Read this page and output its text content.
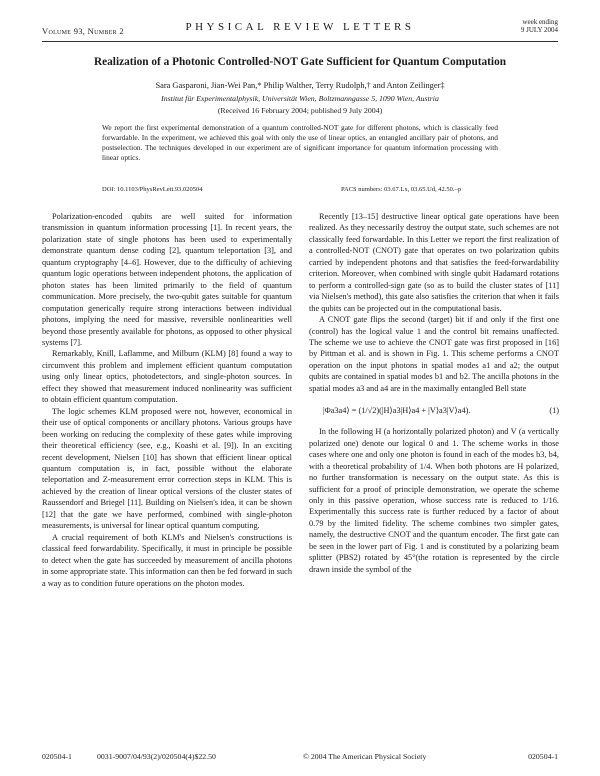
Volume 93, Number 2	PHYSICAL REVIEW LETTERS	week ending
9 JULY 2004
Realization of a Photonic Controlled-NOT Gate Sufficient for Quantum Computation
Sara Gasparoni, Jian-Wei Pan,* Philip Walther, Terry Rudolph,† and Anton Zeilinger‡
Institut für Experimentalphysik, Universität Wien, Boltzmanngasse 5, 1090 Wien, Austria
(Received 16 February 2004; published 9 July 2004)
We report the first experimental demonstration of a quantum controlled-NOT gate for different photons, which is classically feed forwardable. In the experiment, we achieved this goal with only the use of linear optics, an entangled ancillary pair of photons, and postselection. The techniques developed in our experiment are of significant importance for quantum information processing with linear optics.
DOI: 10.1103/PhysRevLett.93.020504	PACS numbers: 03.67.Lx, 03.65.Ud, 42.50.–p

Polarization-encoded qubits are well suited for information transmission in quantum information processing [1]. In recent years, the polarization state of single photons has been used to experimentally demonstrate quantum dense coding [2], quantum teleportation [3], and quantum cryptography [4–6]. However, due to the difficulty of achieving quantum logic operations between independent photons, the application of photon states has been limited primarily to the field of quantum communication. More precisely, the two-qubit gates suitable for quantum computation generically require strong interactions between individual photons, implying the need for massive, reversible nonlinearities well beyond those presently available for photons, as opposed to other physical systems [7].

Remarkably, Knill, Laflamme, and Milburn (KLM) [8] found a way to circumvent this problem and implement efficient quantum computation using only linear optics, photodetectors, and single-photon sources. In effect they showed that measurement induced nonlinearity was sufficient to obtain efficient quantum computation.

The logic schemes KLM proposed were not, however, economical in their use of optical components or ancillary photons. Various groups have been working on reducing the complexity of these gates while improving their theoretical efficiency (see, e.g., Koashi et al. [9]). In an exciting recent development, Nielsen [10] has shown that efficient linear optical quantum computation is, in fact, possible without the elaborate teleportation and Z-measurement error correction steps in KLM. This is achieved by the creation of linear optical versions of the cluster states of Raussendorf and Briegel [11]. Building on Nielsen's idea, it can be shown [12] that the gate we have performed, combined with single-photon measurements, is universal for linear optical quantum computing.

A crucial requirement of both KLM's and Nielsen's constructions is classical feed forwardability. Specifically, it must in principle be possible to detect when the gate has succeeded by measurement of ancilla photons in some appropriate state. This information can then be fed forward in such a way as to condition future operations on the photon modes.

Recently [13–15] destructive linear optical gate operations have been realized. As they necessarily destroy the output state, such schemes are not classically feed forwardable. In this Letter we report the first realization of a controlled-NOT (CNOT) gate that operates on two polarization qubits carried by independent photons and that satisfies the feed-forwardability criterion. Moreover, when combined with single qubit Hadamard rotations to perform a controlled-sign gate (so as to build the cluster states of [11] via Nielsen's method), this gate also satisfies the criterion that when it fails the qubits can be projected out in the computational basis.

A CNOT gate flips the second (target) bit if and only if the first one (control) has the logical value 1 and the control bit remains unaffected. The scheme we use to achieve the CNOT gate was first proposed in [16] by Pittman et al. and is shown in Fig. 1. This scheme performs a CNOT operation on the input photons in spatial modes a1 and a2; the output qubits are contained in spatial modes b1 and b2. The ancilla photons in the spatial modes a3 and a4 are in the maximally entangled Bell state

|Φa3a4⟩ = (1/√2)(|H⟩a3|H⟩a4 + |V⟩a3|V⟩a4).	(1)

In the following H (a horizontally polarized photon) and V (a vertically polarized one) denote our logical 0 and 1. The scheme works in those cases where one and only one photon is found in each of the modes b3, b4, with a theoretical probability of 1/4. When both photons are H polarized, no further transformation is necessary on the output state. As this is sufficient for a proof of principle demonstration, we operate the scheme only in this passive operation, whose success rate is reduced to 1/16. Experimentally this success rate is further reduced by a factor of about 0.79 by the limited fidelity. The scheme combines two simpler gates, namely, the destructive CNOT and the quantum encoder. The first gate can be seen in the lower part of Fig. 1 and is constituted by a polarizing beam splitter (PBS2) rotated by 45°(the rotation is represented by the circle drawn inside the symbol of the

020504-1	0031-9007/04/93(2)/020504(4)$22.50	© 2004 The American Physical Society	020504-1
